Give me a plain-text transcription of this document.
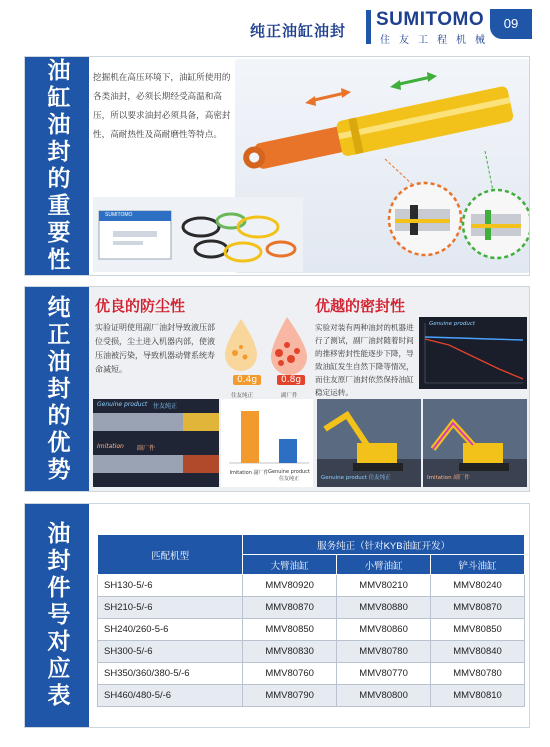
纯正油缸油封
SUMITOMO
住友工程机械
09
油缸油封的重要性	挖掘机在高压环境下，油缸所使用的各类油封，必须长期经受高温和高压，所以要求油封必须具备，高密封性，高耐热性及高耐磨性等特点。
SUMITOMO
纯正油封的优势 优良的防尘性
实验证明使用副厂油封导致液压部位受损，尘土进入机器内部，使液压油被污染，导致机器动臂系统寿命减短。
0.4g	0.8g
住友纯正	副厂件
Genuine product 住友纯正
Imitation 副厂件
Imitation 副厂件 Genuine product 住友纯正
优越的密封性
实验对装有两种油封的机器进行了测试，副厂油封随着时间的推移密封性能逐步下降，导致油缸发生自然下降等情况，而住友原厂油封依然保持油缸稳定运转。
Genuine product
Genuine product 住友纯正	Imitation 副厂件
油封件号对应表	匹配机型	服务纯正（针对KYB油缸开发）		
	大臂油缸	小臂油缸	铲斗油缸
SH130-5/-6	MMV80920	MMV80210	MMV80240
SH210-5/-6	MMV80870	MMV80880	MMV80870
SH240/260-5-6	MMV80850	MMV80860	MMV80850
SH300-5/-6	MMV80830	MMV80780	MMV80840
SH350/360/380-5/-6	MMV80760	MMV80770	MMV80780
SH460/480-5/-6	MMV80790	MMV80800	MMV80810
